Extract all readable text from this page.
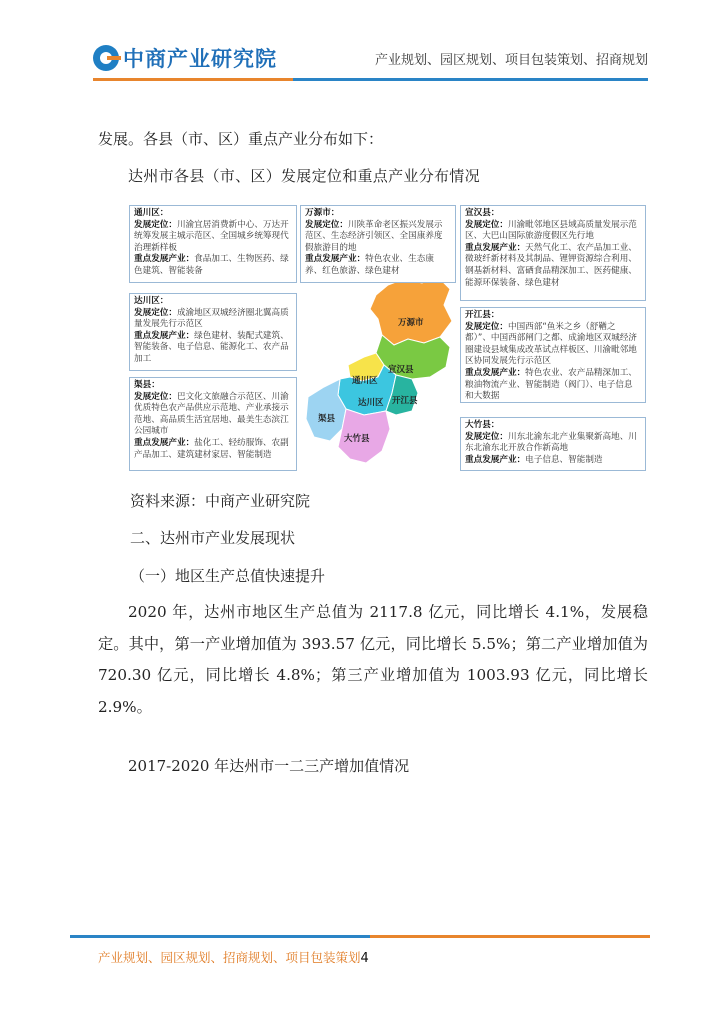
中商产业研究院	产业规划、园区规划、项目包装策划、招商规划
发展。各县（市、区）重点产业分布如下：
达州市各县（市、区）发展定位和重点产业分布情况
万源市
宣汉县
通川区
达川区 开江县
渠县
大竹县
通川区：
发展定位：川渝宜居消费新中心、万达开统筹发展主城示范区、全国城乡统筹现代治理新样板
重点发展产业：食品加工、生物医药、绿色建筑、智能装备
万源市：
发展定位：川陕革命老区振兴发展示范区、生态经济引领区、全国康养度假旅游目的地
重点发展产业：特色农业、生态康养、红色旅游、绿色建材
宣汉县：
发展定位：川渝毗邻地区县域高质量发展示范区、大巴山国际旅游度假区先行地
重点发展产业：天然气化工、农产品加工业、微玻纤新材料及其制品、锂钾资源综合利用、钢基新材料、富硒食品精深加工、医药健康、能源环保装备、绿色建材
达川区：
发展定位：成渝地区双城经济圈北翼高质量发展先行示范区
重点发展产业：绿色建材、装配式建筑、智能装备、电子信息、能源化工、农产品加工
开江县：
发展定位：中国西部“鱼米之乡（舒鞧之都）”、中国西部闸门之都、成渝地区双城经济圈建设县域集成改革试点样板区、川渝毗邻地区协同发展先行示范区
重点发展产业：特色农业、农产品精深加工、粮油物流产业、智能制造（阀门）、电子信息和大数据
渠县：
发展定位：巴文化文旅融合示范区、川渝优质特色农产品供应示范地、产业承接示范地、高品质生活宜居地、最美生态滨江公园城市
重点发展产业：盐化工、轻纺服饰、农副产品加工、建筑建材家居、智能制造
大竹县：
发展定位：川东北渝东北产业集聚新高地、川东北渝东北开放合作新高地
重点发展产业：电子信息、智能制造
资料来源：中商产业研究院
二、达州市产业发展现状
（一）地区生产总值快速提升
2020 年，达州市地区生产总值为 2117.8 亿元，同比增长 4.1%，发展稳定。其中，第一产业增加值为 393.57 亿元，同比增长 5.5%；第二产业增加值为 720.30 亿元，同比增长 4.8%；第三产业增加值为 1003.93 亿元，同比增长 2.9%。
2017-2020 年达州市一二三产增加值情况
产业规划、园区规划、招商规划、项目包装策划4
